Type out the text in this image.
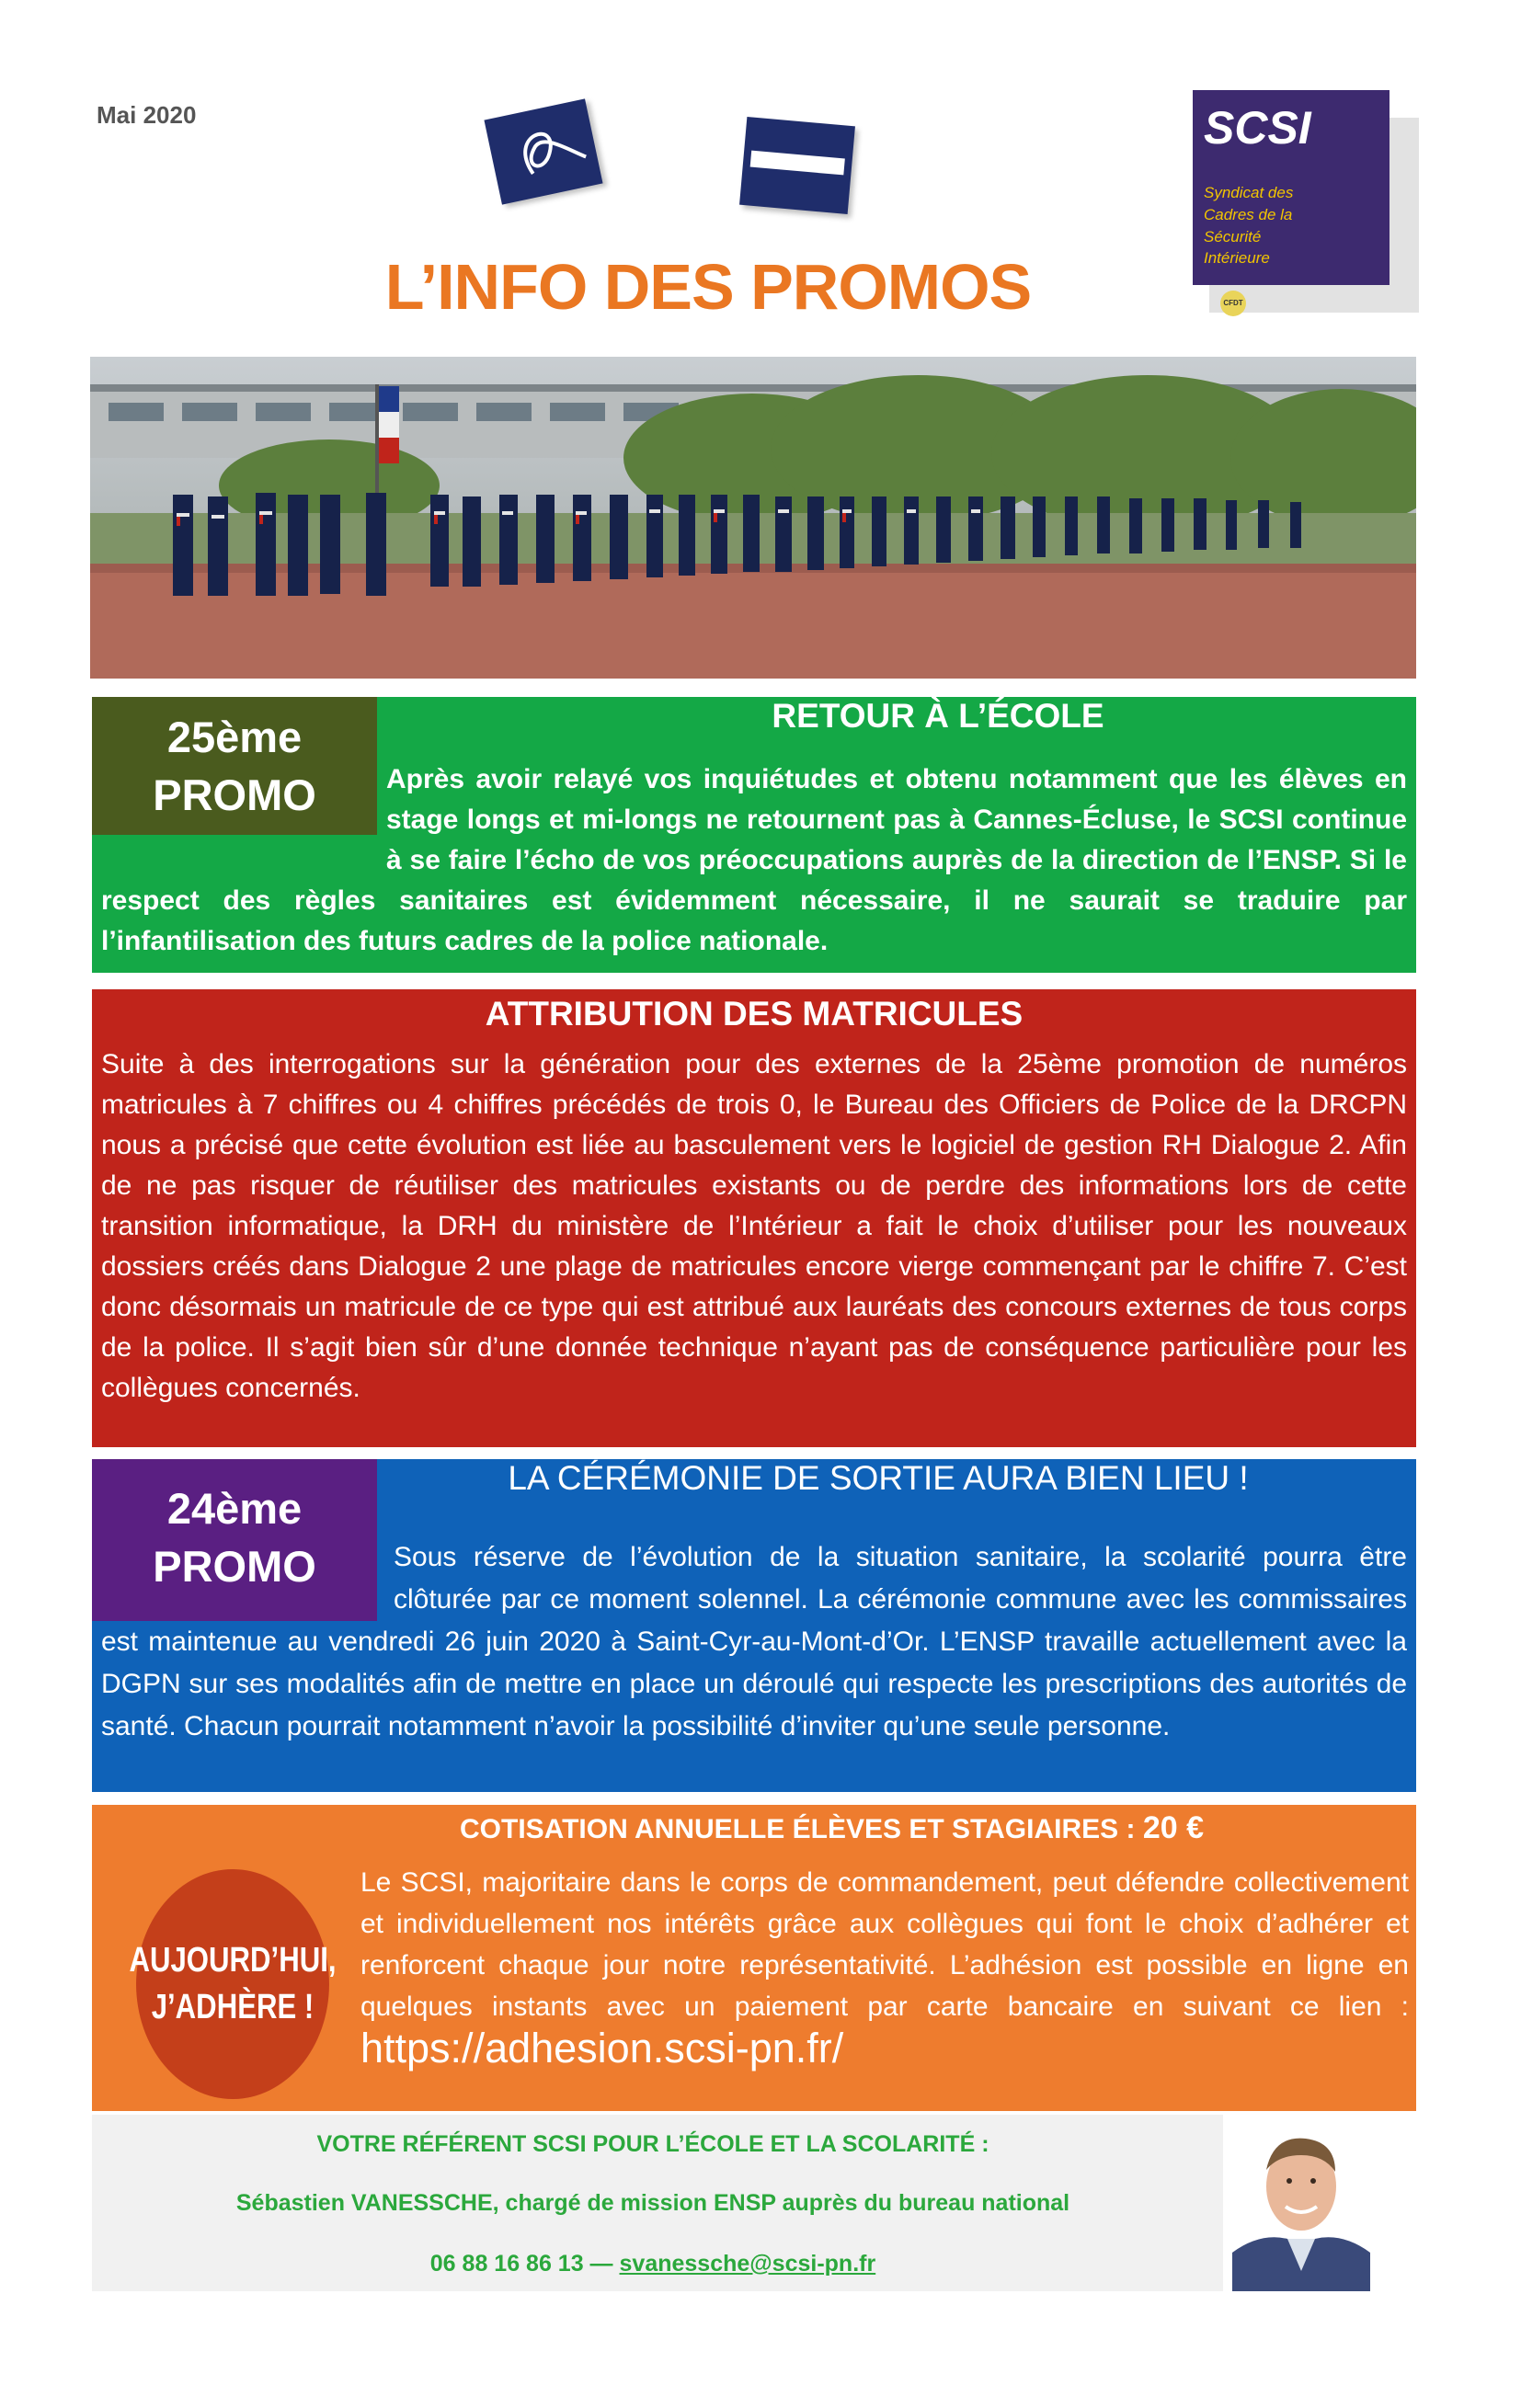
Mai 2020	SCSI
Syndicat des
Cadres de la
Sécurité
Intérieure
CFDT
L’INFO DES PROMOS
25ème
PROMO
RETOUR À L’ÉCOLE

Après avoir relayé vos inquiétudes et obtenu notamment que les élèves en stage longs et mi-longs ne retournent pas à Cannes-Écluse, le SCSI continue à se faire l’écho de vos préoccupations auprès de la direction de l’ENSP. Si le respect des règles sanitaires est évidemment nécessaire, il ne saurait se traduire par l’infantilisation des futurs cadres de la police nationale.

ATTRIBUTION DES MATRICULES

Suite à des interrogations sur la génération pour des externes de la 25ème promotion de numéros matricules à 7 chiffres ou 4 chiffres précédés de trois 0, le Bureau des Officiers de Police de la DRCPN nous a précisé que cette évolution est liée au basculement vers le logiciel de gestion RH Dialogue 2. Afin de ne pas risquer de réutiliser des matricules existants ou de perdre des informations lors de cette transition informatique, la DRH du ministère de l’Intérieur a fait le choix d’utiliser pour les nouveaux dossiers créés dans Dialogue 2 une plage de matricules encore vierge commençant par le chiffre 7. C’est donc désormais un matricule de ce type qui est attribué aux lauréats des concours externes de tous corps de la police. Il s’agit bien sûr d’une donnée technique n’ayant pas de conséquence particulière pour les collègues concernés.

24ème
PROMO
LA CÉRÉMONIE DE SORTIE AURA BIEN LIEU !

Sous réserve de l’évolution de la situation sanitaire, la scolarité pourra être clôturée par ce moment solennel. La cérémonie commune avec les commissaires est maintenue au vendredi 26 juin 2020 à Saint-Cyr-au-Mont-d’Or. L’ENSP travaille actuellement avec la DGPN sur ses modalités afin de mettre en place un déroulé qui respecte les prescriptions des autorités de santé. Chacun pourrait notamment n’avoir la possibilité d’inviter qu’une seule personne.

AUJOURD’HUI,
J’ADHÈRE !
COTISATION ANNUELLE ÉLÈVES ET STAGIAIRES : 20 €
Le SCSI, majoritaire dans le corps de commandement, peut défendre collectivement et individuellement nos intérêts grâce aux collègues qui font le choix d’adhérer et renforcent chaque jour notre représentativité. L’adhésion est possible en ligne en quelques instants avec un paiement par carte bancaire en suivant ce lien : https://adhesion.scsi-pn.fr/
VOTRE RÉFÉRENT SCSI POUR L’ÉCOLE ET LA SCOLARITÉ :
Sébastien VANESSCHE, chargé de mission ENSP auprès du bureau national
06 88 16 86 13 — svanessche@scsi-pn.fr
